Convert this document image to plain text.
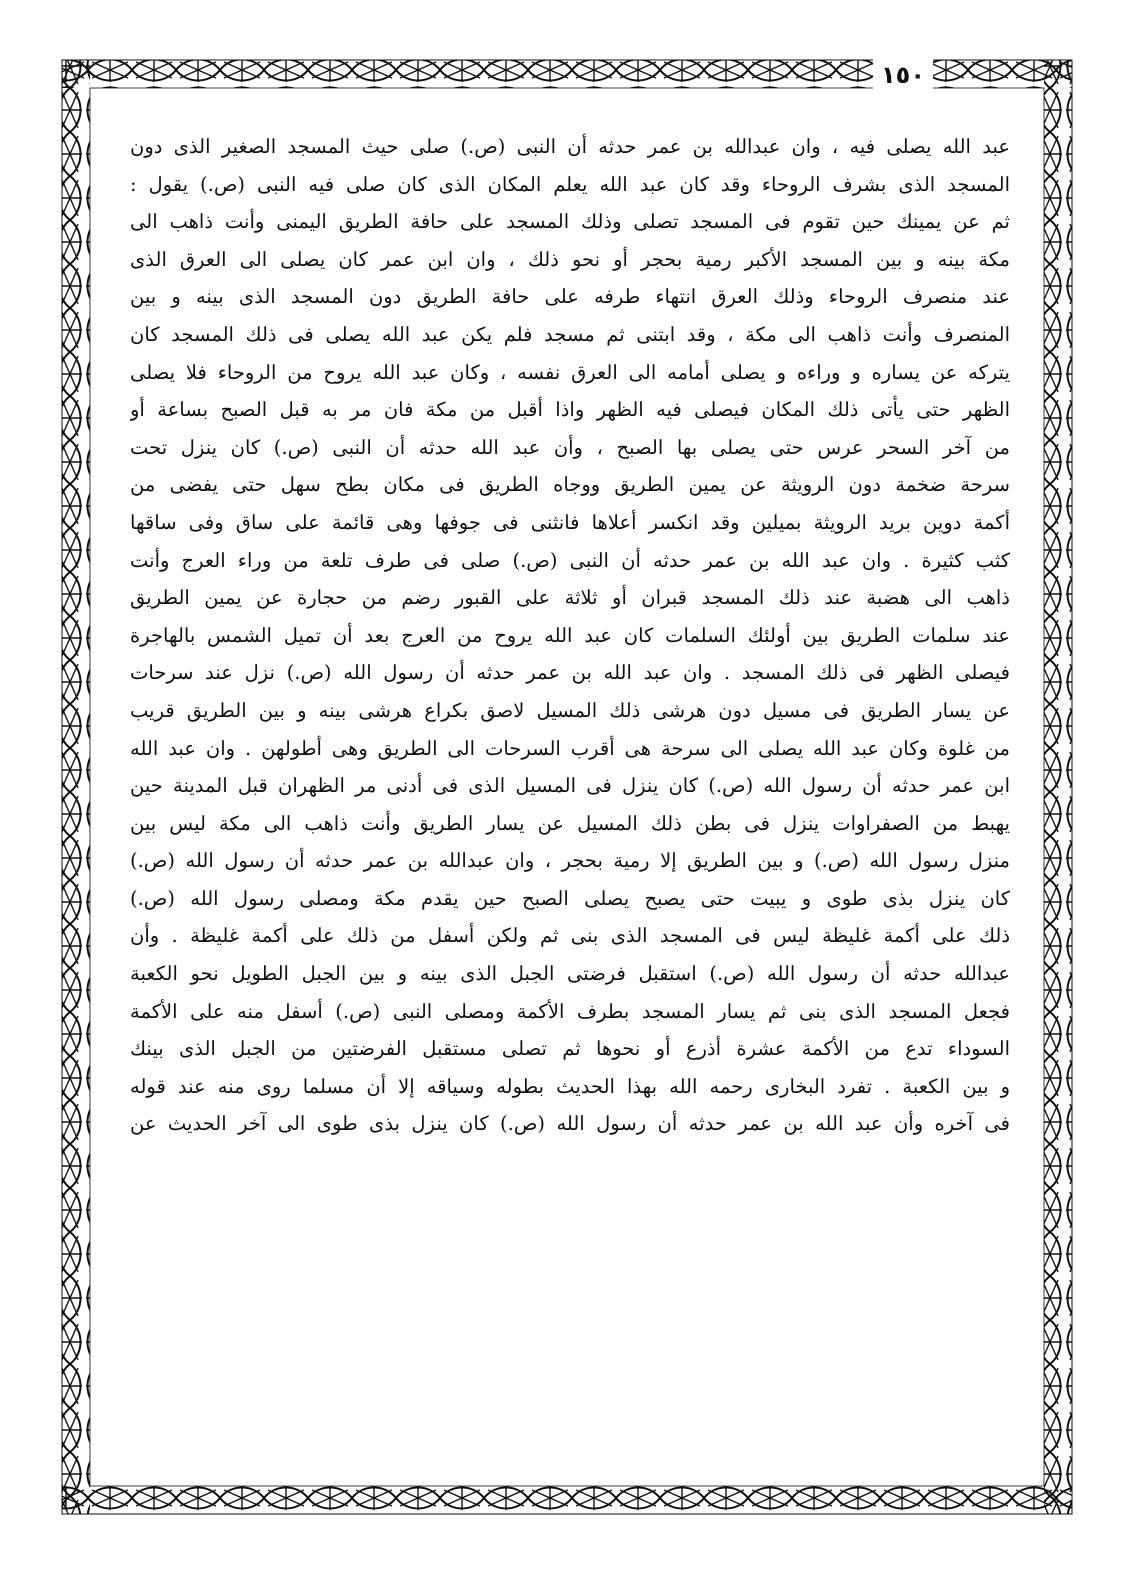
١٥٠
عبد الله يصلى فيه ، وان عبدالله بن عمر حدثه أن النبى (ص.) صلى حيث المسجد الصغير الذى دون
المسجد الذى بشرف الروحاء وقد كان عبد الله يعلم المكان الذى كان صلى فيه النبى (ص.) يقول :
ثم عن يمينك حين تقوم فى المسجد تصلى وذلك المسجد على حافة الطريق اليمنى وأنت ذاهب الى
مكة بينه و بين المسجد الأكبر رمية بحجر أو نحو ذلك ، وان ابن عمر كان يصلى الى العرق الذى
عند منصرف الروحاء وذلك العرق انتهاء طرفه على حافة الطريق دون المسجد الذى بينه و بين
المنصرف وأنت ذاهب الى مكة ، وقد ابتنى ثم مسجد فلم يكن عبد الله يصلى فى ذلك المسجد كان
يتركه عن يساره و وراءه و يصلى أمامه الى العرق نفسه ، وكان عبد الله يروح من الروحاء فلا يصلى
الظهر حتى يأتى ذلك المكان فيصلى فيه الظهر واذا أقبل من مكة فان مر به قبل الصبح بساعة أو
من آخر السحر عرس حتى يصلى بها الصبح ، وأن عبد الله حدثه أن النبى (ص.) كان ينزل تحت
سرحة ضخمة دون الرويثة عن يمين الطريق ووجاه الطريق فى مكان بطح سهل حتى يفضى من
أكمة دوين بريد الرويثة بميلين وقد انكسر أعلاها فانثنى فى جوفها وهى قائمة على ساق وفى ساقها
كثب كثيرة . وان عبد الله بن عمر حدثه أن النبى (ص.) صلى فى طرف تلعة من وراء العرج وأنت
ذاهب الى هضبة عند ذلك المسجد قبران أو ثلاثة على القبور رضم من حجارة عن يمين الطريق
عند سلمات الطريق بين أولئك السلمات كان عبد الله يروح من العرج بعد أن تميل الشمس بالهاجرة
فيصلى الظهر فى ذلك المسجد . وان عبد الله بن عمر حدثه أن رسول الله (ص.) نزل عند سرحات
عن يسار الطريق فى مسيل دون هرشى ذلك المسيل لاصق بكراع هرشى بينه و بين الطريق قريب
من غلوة وكان عبد الله يصلى الى سرحة هى أقرب السرحات الى الطريق وهى أطولهن . وان عبد الله
ابن عمر حدثه أن رسول الله (ص.) كان ينزل فى المسيل الذى فى أدنى مر الظهران قبل المدينة حين
يهبط من الصفراوات ينزل فى بطن ذلك المسيل عن يسار الطريق وأنت ذاهب الى مكة ليس بين
منزل رسول الله (ص.) و بين الطريق إلا رمية بحجر ، وان عبدالله بن عمر حدثه أن رسول الله (ص.)
كان ينزل بذى طوى و يبيت حتى يصبح يصلى الصبح حين يقدم مكة ومصلى رسول الله (ص.)
ذلك على أكمة غليظة ليس فى المسجد الذى بنى ثم ولكن أسفل من ذلك على أكمة غليظة . وأن
عبدالله حدثه أن رسول الله (ص.) استقبل فرضتى الجبل الذى بينه و بين الجبل الطويل نحو الكعبة
فجعل المسجد الذى بنى ثم يسار المسجد بطرف الأكمة ومصلى النبى (ص.) أسفل منه على الأكمة
السوداء تدع من الأكمة عشرة أذرع أو نحوها ثم تصلى مستقبل الفرضتين من الجبل الذى بينك
و بين الكعبة . تفرد البخارى رحمه الله بهذا الحديث بطوله وسياقه إلا أن مسلما روى منه عند قوله
فى آخره وأن عبد الله بن عمر حدثه أن رسول الله (ص.) كان ينزل بذى طوى الى آخر الحديث عن
